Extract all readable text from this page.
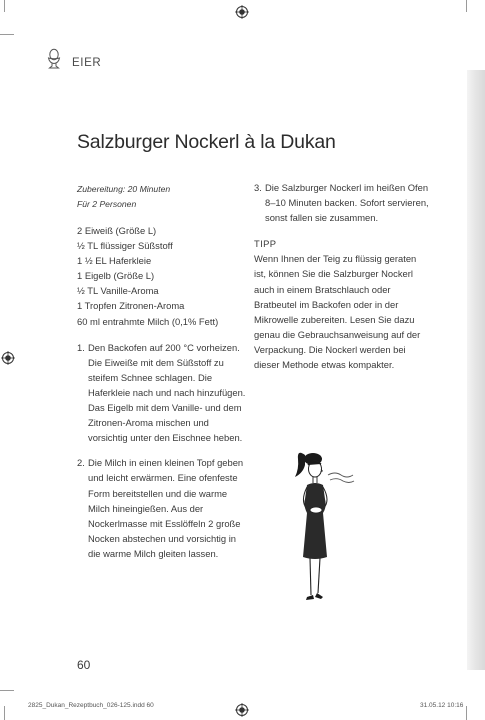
EIER
Salzburger Nockerl à la Dukan
Zubereitung: 20 Minuten
Für 2 Personen
2 Eiweiß (Größe L)
½ TL flüssiger Süßstoff
1 ½ EL Haferkleie
1 Eigelb (Größe L)
½ TL Vanille-Aroma
1 Tropfen Zitronen-Aroma
60 ml entrahmte Milch (0,1% Fett)
1. Den Backofen auf 200 °C vorheizen. Die Eiweiße mit dem Süßstoff zu steifem Schnee schlagen. Die Haferkleie nach und nach hinzufügen. Das Eigelb mit dem Vanille- und dem Zitronen-Aroma mischen und vorsichtig unter den Eischnee heben.
2. Die Milch in einen kleinen Topf geben und leicht erwärmen. Eine ofenfeste Form bereitstellen und die warme Milch hineingießen. Aus der Nockerlmasse mit Esslöffeln 2 große Nocken abstechen und vorsichtig in die warme Milch gleiten lassen.
3. Die Salzburger Nockerl im heißen Ofen 8–10 Minuten backen. Sofort servieren, sonst fallen sie zusammen.
TIPP
Wenn Ihnen der Teig zu flüssig geraten ist, können Sie die Salzburger Nockerl auch in einem Bratschlauch oder Bratbeutel im Backofen oder in der Mikrowelle zubereiten. Lesen Sie dazu genau die Gebrauchsanweisung auf der Verpackung. Die Nockerl werden bei dieser Methode etwas kompakter.
60
2825_Dukan_Rezeptbuch_026-125.indd 60	31.05.12 10:16
